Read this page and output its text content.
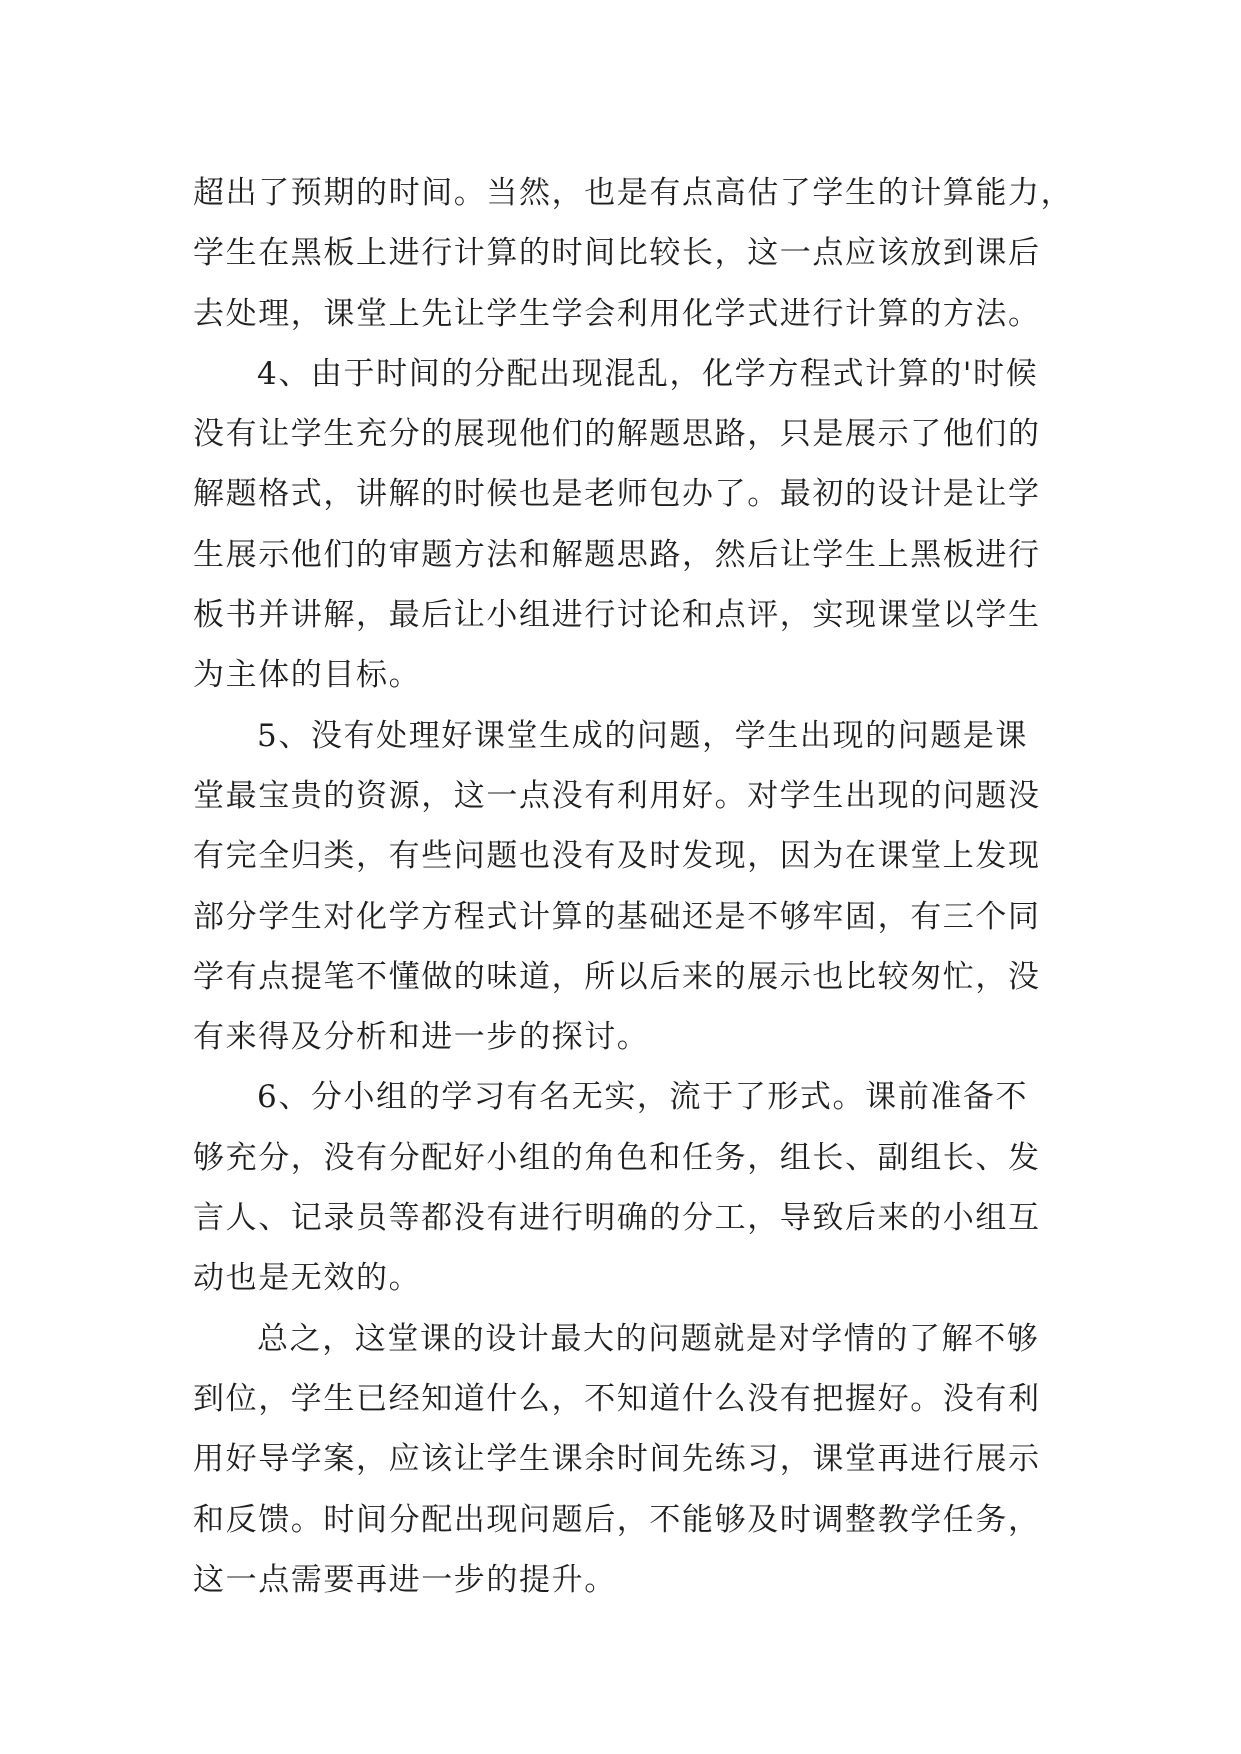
超出了预期的时间。当然，也是有点高估了学生的计算能力，

学生在黑板上进行计算的时间比较长，这一点应该放到课后

去处理，课堂上先让学生学会利用化学式进行计算的方法。

4、由于时间的分配出现混乱，化学方程式计算的'时候

没有让学生充分的展现他们的解题思路，只是展示了他们的

解题格式，讲解的时候也是老师包办了。最初的设计是让学

生展示他们的审题方法和解题思路，然后让学生上黑板进行

板书并讲解，最后让小组进行讨论和点评，实现课堂以学生

为主体的目标。

5、没有处理好课堂生成的问题，学生出现的问题是课

堂最宝贵的资源，这一点没有利用好。对学生出现的问题没

有完全归类，有些问题也没有及时发现，因为在课堂上发现

部分学生对化学方程式计算的基础还是不够牢固，有三个同

学有点提笔不懂做的味道，所以后来的展示也比较匆忙，没

有来得及分析和进一步的探讨。

6、分小组的学习有名无实，流于了形式。课前准备不

够充分，没有分配好小组的角色和任务，组长、副组长、发

言人、记录员等都没有进行明确的分工，导致后来的小组互

动也是无效的。

总之，这堂课的设计最大的问题就是对学情的了解不够

到位，学生已经知道什么，不知道什么没有把握好。没有利

用好导学案，应该让学生课余时间先练习，课堂再进行展示

和反馈。时间分配出现问题后，不能够及时调整教学任务，

这一点需要再进一步的提升。
